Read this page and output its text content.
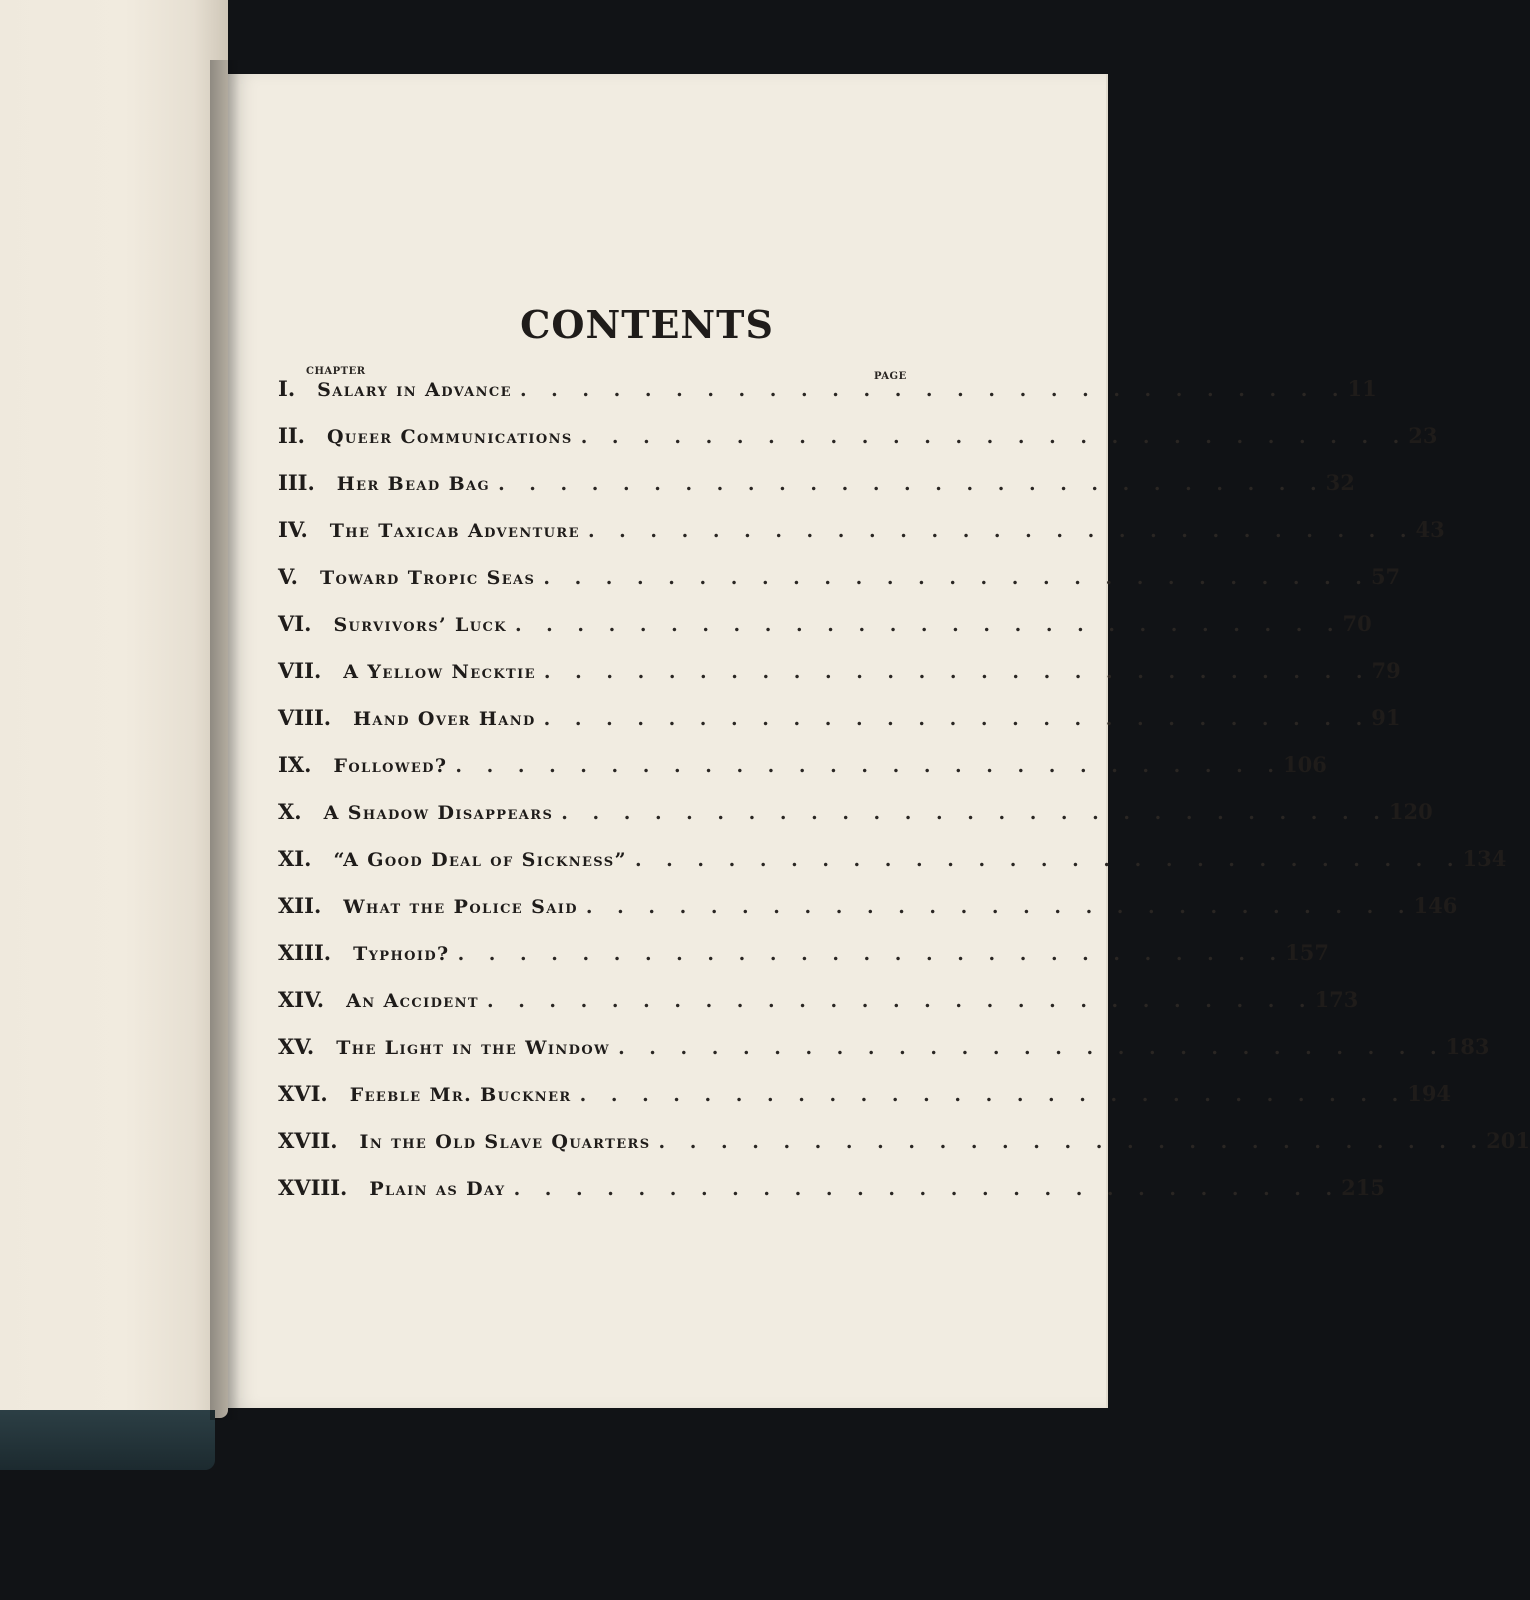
CONTENTS
CHAPTER	PAGE
I.	Salary in Advance . . . . . . . . . . . . . . . . . . . . . . . . . . . 11
II.	Queer Communications . . . . . . . . . . . . . . . . . . . . . . . . . . . 23
III.	Her Bead Bag . . . . . . . . . . . . . . . . . . . . . . . . . . . 32
IV.	The Taxicab Adventure . . . . . . . . . . . . . . . . . . . . . . . . . . . 43
V.	Toward Tropic Seas . . . . . . . . . . . . . . . . . . . . . . . . . . . 57
VI.	Survivors’ Luck . . . . . . . . . . . . . . . . . . . . . . . . . . . 70
VII.	A Yellow Necktie . . . . . . . . . . . . . . . . . . . . . . . . . . . 79
VIII.	Hand Over Hand . . . . . . . . . . . . . . . . . . . . . . . . . . . 91
IX.	Followed? . . . . . . . . . . . . . . . . . . . . . . . . . . . 106
X.	A Shadow Disappears . . . . . . . . . . . . . . . . . . . . . . . . . . . 120
XI.	“A Good Deal of Sickness” . . . . . . . . . . . . . . . . . . . . . . . . . . . 134
XII.	What the Police Said . . . . . . . . . . . . . . . . . . . . . . . . . . . 146
XIII.	Typhoid? . . . . . . . . . . . . . . . . . . . . . . . . . . . 157
XIV.	An Accident . . . . . . . . . . . . . . . . . . . . . . . . . . . 173
XV.	The Light in the Window . . . . . . . . . . . . . . . . . . . . . . . . . . . 183
XVI.	Feeble Mr. Buckner . . . . . . . . . . . . . . . . . . . . . . . . . . . 194
XVII.	In the Old Slave Quarters . . . . . . . . . . . . . . . . . . . . . . . . . . . 201
XVIII.	Plain as Day . . . . . . . . . . . . . . . . . . . . . . . . . . . 215
